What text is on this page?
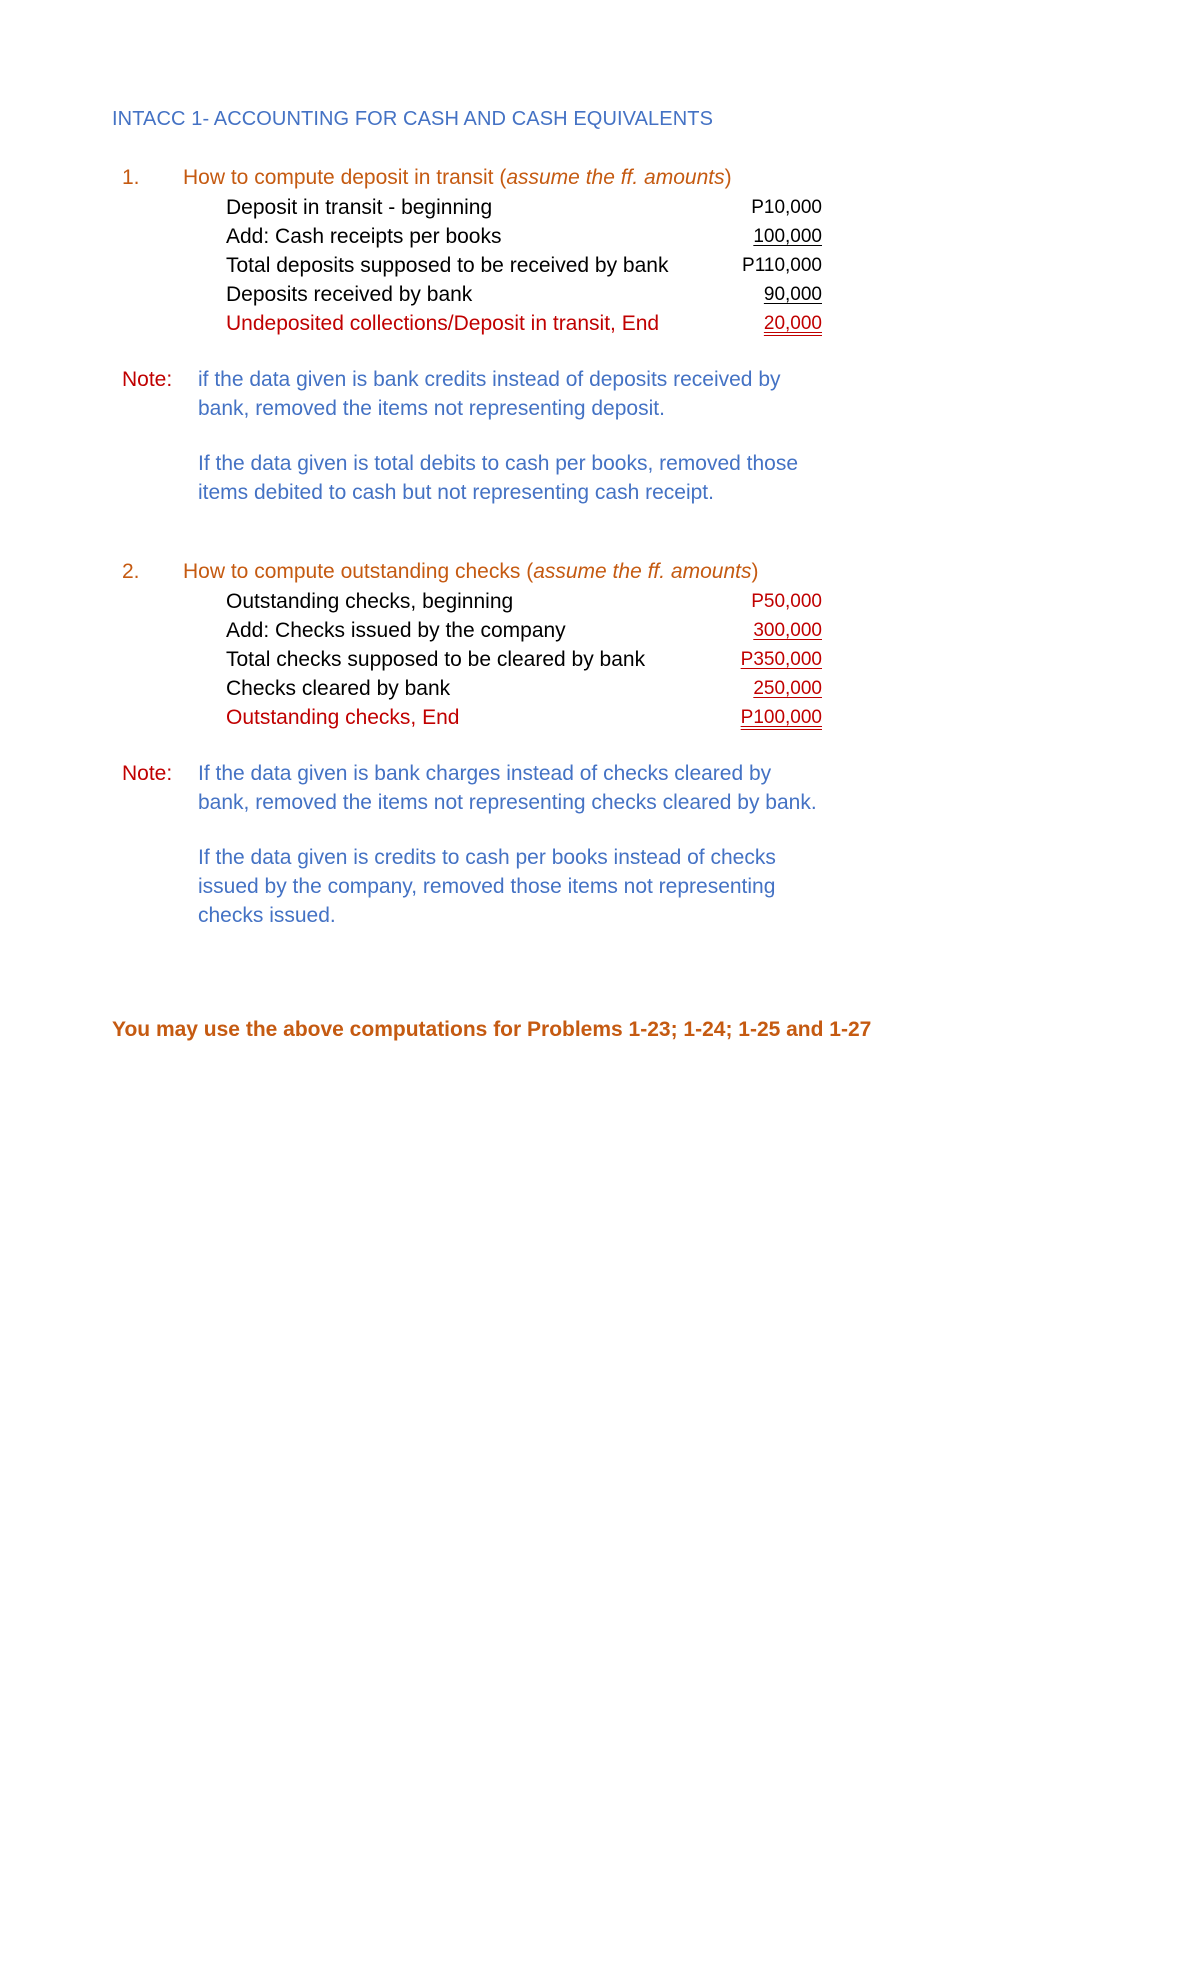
INTACC 1- ACCOUNTING FOR CASH AND CASH EQUIVALENTS
1. How to compute deposit in transit (assume the ff. amounts)
Deposit in transit - beginning	P10,000
Add: Cash receipts per books	100,000
Total deposits supposed to be received by bank	P110,000
Deposits received by bank	90,000
Undeposited collections/Deposit in transit, End	20,000
Note:	if the data given is bank credits instead of deposits received by bank, removed the items not representing deposit.

If the data given is total debits to cash per books, removed those items debited to cash but not representing cash receipt.

2. How to compute outstanding checks (assume the ff. amounts)
Outstanding checks, beginning	P50,000
Add: Checks issued by the company	300,000
Total checks supposed to be cleared by bank	P350,000
Checks cleared by bank	250,000
Outstanding checks, End	P100,000
Note:	If the data given is bank charges instead of checks cleared by bank, removed the items not representing checks cleared by bank.

If the data given is credits to cash per books instead of checks issued by the company, removed those items not representing checks issued.

You may use the above computations for Problems 1-23; 1-24; 1-25 and 1-27
